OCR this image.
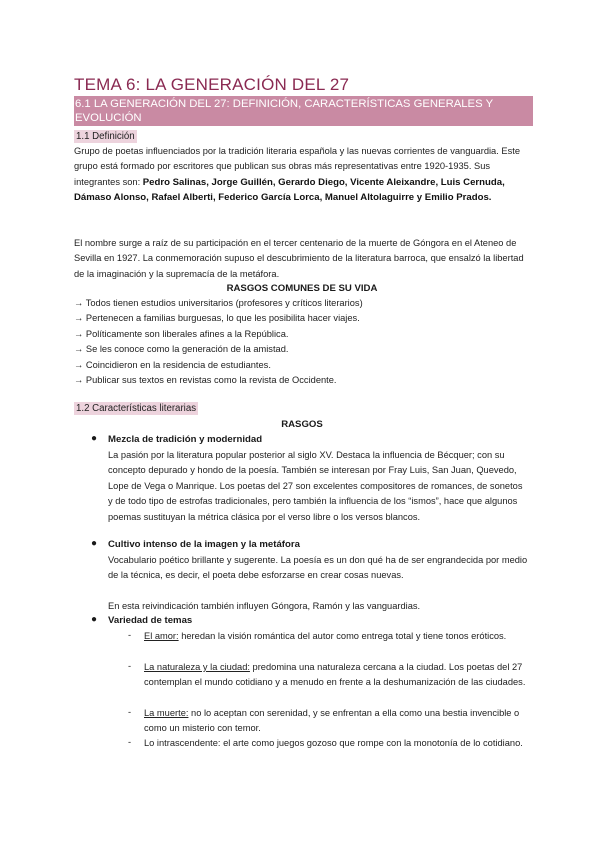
TEMA 6: LA GENERACIÓN DEL 27
6.1 LA GENERACIÓN DEL 27: DEFINICIÓN, CARACTERÍSTICAS GENERALES Y EVOLUCIÓN
1.1 Definición
Grupo de poetas influenciados por la tradición literaria española y las nuevas corrientes de vanguardia. Este grupo está formado por escritores que publican sus obras más representativas entre 1920-1935. Sus integrantes son: Pedro Salinas, Jorge Guillén, Gerardo Diego, Vicente Aleixandre, Luis Cernuda, Dámaso Alonso, Rafael Alberti, Federico García Lorca, Manuel Altolaguirre y Emilio Prados.
El nombre surge a raíz de su participación en el tercer centenario de la muerte de Góngora en el Ateneo de Sevilla en 1927. La conmemoración supuso el descubrimiento de la literatura barroca, que ensalzó la libertad de la imaginación y la supremacía de la metáfora.
RASGOS COMUNES DE SU VIDA
→ Todos tienen estudios universitarios (profesores y críticos literarios)
→ Pertenecen a familias burguesas, lo que les posibilita hacer viajes.
→ Políticamente son liberales afines a la República.
→ Se les conoce como la generación de la amistad.
→ Coincidieron en la residencia de estudiantes.
→ Publicar sus textos en revistas como la revista de Occidente.
1.2 Características literarias
RASGOS
● Mezcla de tradición y modernidad
La pasión por la literatura popular posterior al siglo XV. Destaca la influencia de Bécquer; con su concepto depurado y hondo de la poesía. También se interesan por Fray Luis, San Juan, Quevedo, Lope de Vega o Manrique. Los poetas del 27 son excelentes compositores de romances, de sonetos y de todo tipo de estrofas tradicionales, pero también la influencia de los “ismos”, hace que algunos poemas sustituyan la métrica clásica por el verso libre o los versos blancos.
● Cultivo intenso de la imagen y la metáfora
Vocabulario poético brillante y sugerente. La poesía es un don qué ha de ser engrandecida por medio de la técnica, es decir, el poeta debe esforzarse en crear cosas nuevas.
En esta reivindicación también influyen Góngora, Ramón y las vanguardias.
● Variedad de temas
- El amor: heredan la visión romántica del autor como entrega total y tiene tonos eróticos.
- La naturaleza y la ciudad: predomina una naturaleza cercana a la ciudad. Los poetas del 27 contemplan el mundo cotidiano y a menudo en frente a la deshumanización de las ciudades.
- La muerte: no lo aceptan con serenidad, y se enfrentan a ella como una bestia invencible o como un misterio con temor.
- Lo intrascendente: el arte como juegos gozoso que rompe con la monotonía de lo cotidiano.
